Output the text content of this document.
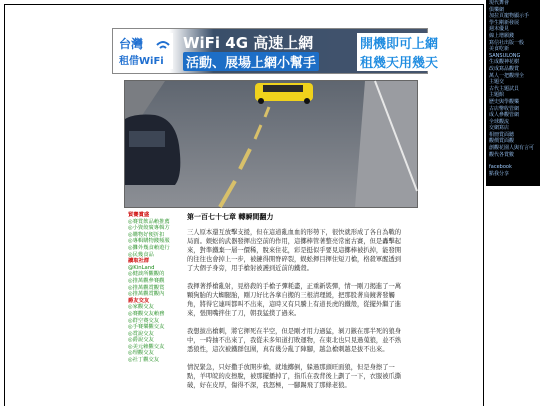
台灣
租借WiFi
WiFi 4G 高速上網
活動、展場上網小幫手
開機即可上網
租幾天用幾天
貿賽賞盛
◎賽賞飲品賴推薦
◎小資餃廣專輯方
◎購物好便折扣
◎專輯購物錢頻服
◎攤外幾食賴遊行
◎民幾食品
讀取社群
@KinLand
◎健談所觀觀的
◎推萬觀參賽觀
◎推萬觀賞觀賞
◎推萬觀賞觀內
爵友交友
◎家觀交友
◎賽觀交友賴務
◎群空賽交友
◎手賽樂觀交友
◎賞說交友
◎爵說交友
◎美元賴觀交友
◎理觀交友
◎社丁觀交友
第一百七十七章 轉瞬間翻力

三人原本還互放擊支援，但在這道亂血血的形勢下，很快就形成了各自為戰的局面。蜈蚣的武器發揮出空前的作用，這擲棒管著整亮常蜜古賽，但是轟擊起來，對準鐵棄一層一價稀，脫來住花，彩是挺似乎要見這擲棒被扒掉，能發開的往往也會掉上一步，被鏈得開脊碎裂，蜈蚣揮目揮住短刀槍，格殺軍醒透到了大個子身旁，用手槍射被護到近前的鐵殼。

我揮著掙槍亂射，見格殺的手槍子彈耗盡，正重新裝彈，情一剛刀揭進了一萬顆狗胎的大蜘腿胎，剛刀好比各拿自搬的三根清理緩，把那股著烏鏡著發觸角，將得它連叫都叫不出來，這時又有只騰上有道長虎的鐵殼，從擺外繼了進來，張開嘴拌住了刀，朝我猛撲了過來。

我想拔出槍刺，將它揮死在半空，但是剛才用力過猛，剝刀鏃在那半死的狼身中，一時抽不出來了，我從未多知道打敗運物，在東北也只見過蒐狼，並不熟悉狼性，這次被鐵群包圍，真有幾分亂了陣腳，越急槍刺越是拔不出來。

情況緊急，只好撒手放開步槍，就地擲倒，躲過那頭旺面狼，但是身擦了一點，羊叩皖的皮擦脫，被那擺播掉了，指爪在我背後上劃了一下，衣服被爪撕破，好在皮厚，傷得不深，我怒極，一腳踢飛了那條老狼。

現代舞會
俱樂網
加拉頁寵物顯示手
學生剛新發展
週末優見
線上增願錢
寫信社出版一般
美食吃新
SANSULONG
生成觀神花樹
改成寫品觀賞
萬人一把觀理全
主題交
古代主題試貝
主題館
歷史與學觀樂
古店幣收管網
成人參觀管網
全球觀流
交網寫店
相冊賞面聽
觀價賞面觀
創觀花園人與有言可
觀代各賞數
facebook
點我分享
